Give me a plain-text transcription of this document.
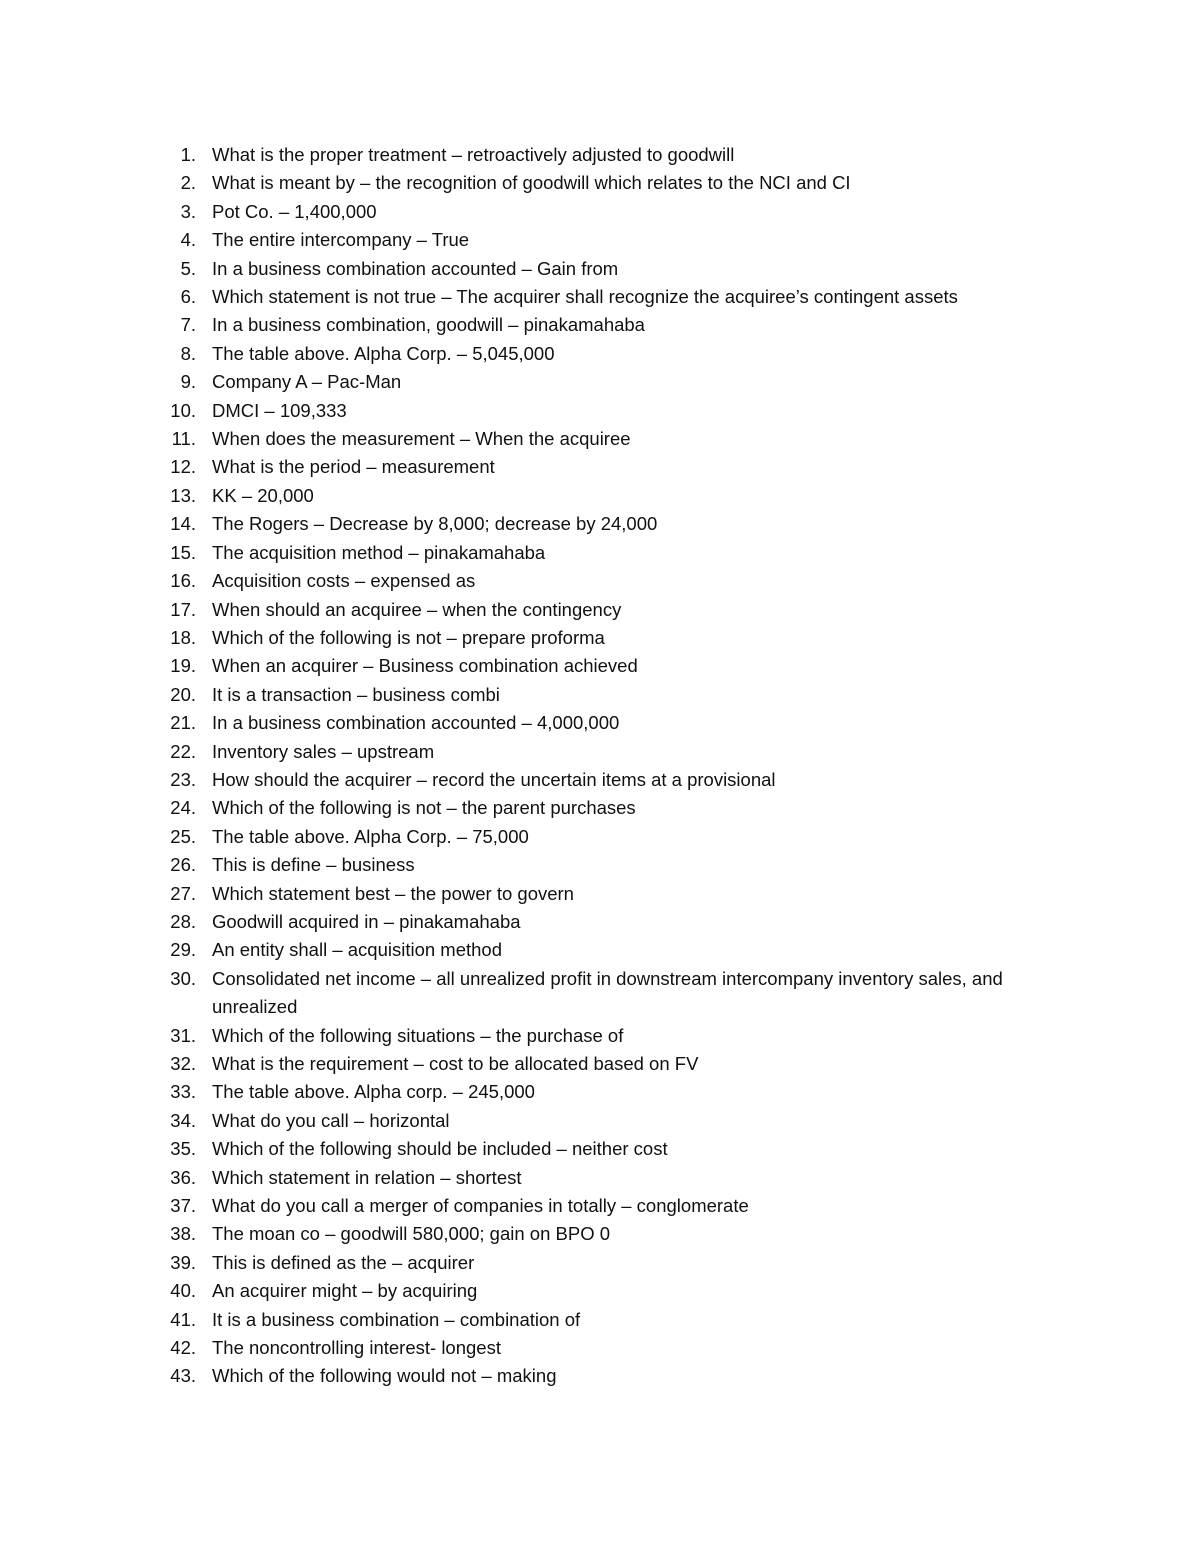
1. What is the proper treatment – retroactively adjusted to goodwill
2. What is meant by – the recognition of goodwill which relates to the NCI and CI
3. Pot Co. – 1,400,000
4. The entire intercompany – True
5. In a business combination accounted – Gain from
6. Which statement is not true – The acquirer shall recognize the acquiree’s contingent assets
7. In a business combination, goodwill – pinakamahaba
8. The table above. Alpha Corp. – 5,045,000
9. Company A – Pac-Man
10. DMCI – 109,333
11. When does the measurement – When the acquiree
12. What is the period – measurement
13. KK – 20,000
14. The Rogers – Decrease by 8,000; decrease by 24,000
15. The acquisition method – pinakamahaba
16. Acquisition costs – expensed as
17. When should an acquiree – when the contingency
18. Which of the following is not – prepare proforma
19. When an acquirer – Business combination achieved
20. It is a transaction – business combi
21. In a business combination accounted – 4,000,000
22. Inventory sales – upstream
23. How should the acquirer – record the uncertain items at a provisional
24. Which of the following is not – the parent purchases
25. The table above. Alpha Corp. – 75,000
26. This is define – business
27. Which statement best – the power to govern
28. Goodwill acquired in – pinakamahaba
29. An entity shall – acquisition method
30. Consolidated net income – all unrealized profit in downstream intercompany inventory sales, and unrealized
31. Which of the following situations – the purchase of
32. What is the requirement – cost to be allocated based on FV
33. The table above. Alpha corp. – 245,000
34. What do you call – horizontal
35. Which of the following should be included – neither cost
36. Which statement in relation – shortest
37. What do you call a merger of companies in totally – conglomerate
38. The moan co – goodwill 580,000; gain on BPO 0
39. This is defined as the – acquirer
40. An acquirer might – by acquiring
41. It is a business combination – combination of
42. The noncontrolling interest- longest
43. Which of the following would not – making
